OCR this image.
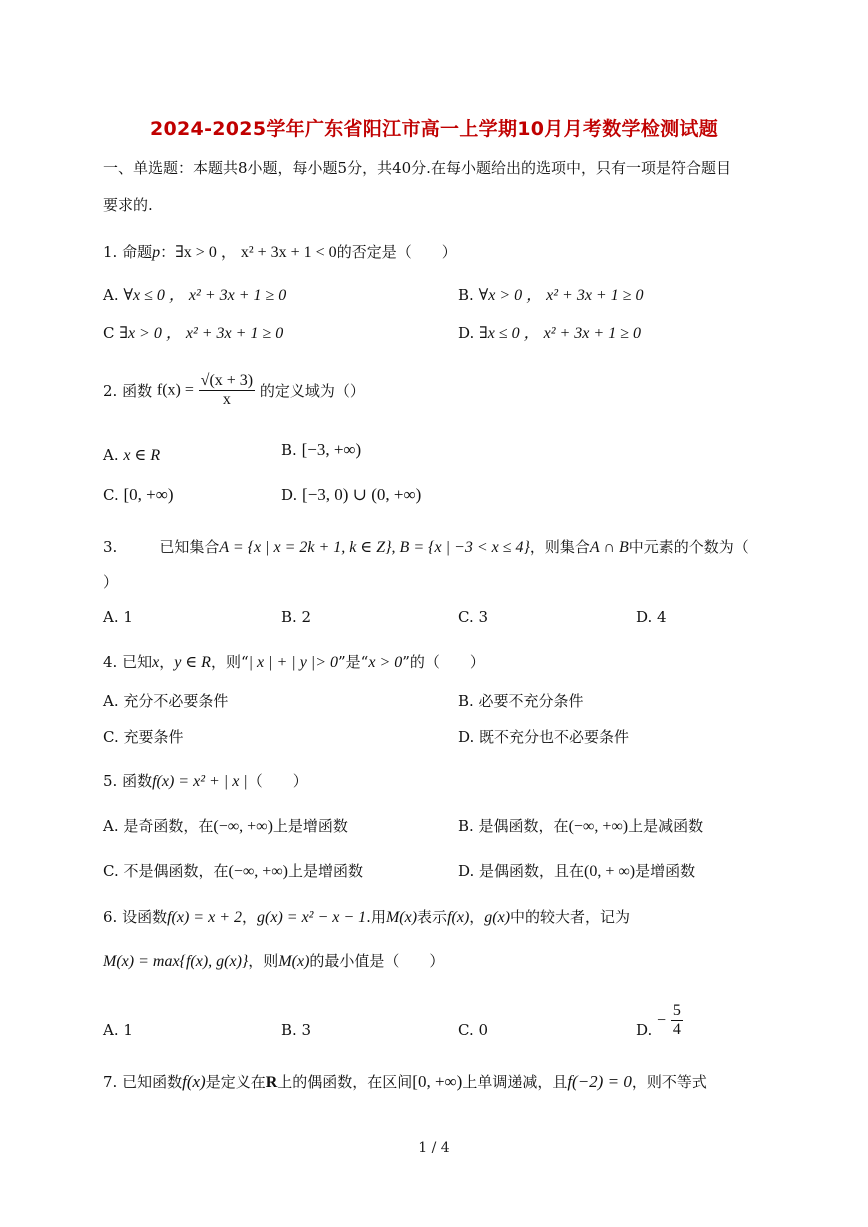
2024-2025学年广东省阳江市高一上学期10月月考数学检测试题
一、单选题：本题共8小题，每小题5分，共40分.在每小题给出的选项中，只有一项是符合题目
要求的.
1. 命题p：∃x > 0 ， x² + 3x + 1 < 0的否定是（　　）
A. ∀x ≤ 0 ， x² + 3x + 1 ≥ 0	B. ∀x > 0 ， x² + 3x + 1 ≥ 0
C ∃x > 0 ， x² + 3x + 1 ≥ 0	D. ∃x ≤ 0 ， x² + 3x + 1 ≥ 0
2. 函数 $f(x) = \frac{√(x + 3)}{x}$ 的定义域为（）
A. x ∈ R	B. [−3, +∞)
C. [0, +∞)	D. [−3, 0) ∪ (0, +∞)
3.	已知集合A = {x | x = 2k + 1, k ∈ Z}, B = {x | −3 < x ≤ 4}，则集合A ∩ B中元素的个数为（
）
A. 1	B. 2	C. 3	D. 4
4. 已知x，y ∈ R，则“| x | + | y |> 0”是“x > 0”的（　　）
A. 充分不必要条件	B. 必要不充分条件
C. 充要条件	D. 既不充分也不必要条件
5. 函数f(x) = x² + | x |（　　）
A. 是奇函数，在(−∞, +∞)上是增函数	B. 是偶函数，在(−∞, +∞)上是减函数
C. 不是偶函数，在(−∞, +∞)上是增函数	D. 是偶函数，且在(0, + ∞)是增函数
6. 设函数f(x) = x + 2，g(x) = x² − x − 1.用M(x)表示f(x)，g(x)中的较大者，记为
M(x) = max{f(x), g(x)}，则M(x)的最小值是（　　）
A. 1	B. 3	C. 0	D. − $\frac{5}{4}$
7. 已知函数f(x)是定义在R上的偶函数，在区间[0, +∞)上单调递减，且f(−2) = 0，则不等式
1 / 4
